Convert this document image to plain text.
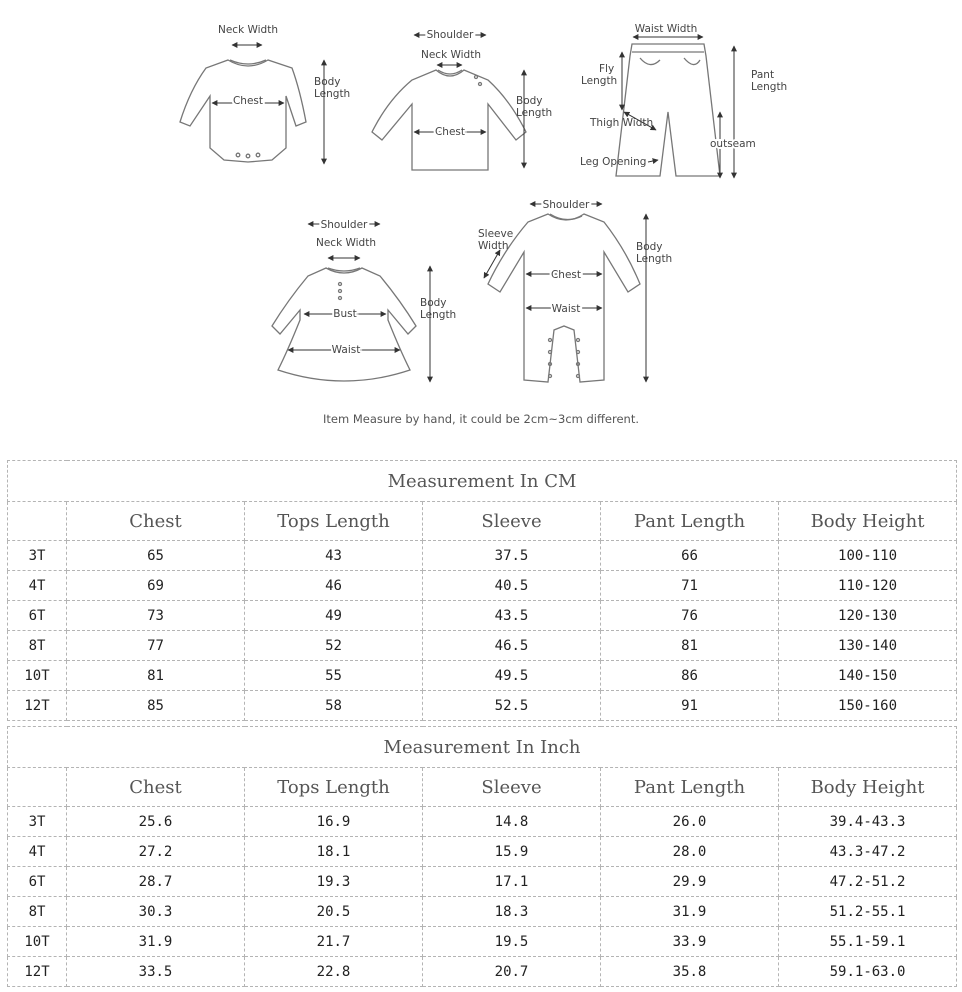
Neck Width
Chest
Body
Length
Shoulder
Neck Width
Chest
Body
Length
Waist Width
Fly
Length	Pant
Length
Thigh Width
outseam
Leg Opening
Shoulder
Neck Width
Bust
Waist
Body
Length
Shoulder
Sleeve
Width
Chest
Waist
Body
Length
Item Measure by hand, it could be 2cm~3cm different.
Measurement In CM					
	Chest	Tops Length	Sleeve	Pant Length	Body Height
3T	65	43	37.5	66	100-110
4T	69	46	40.5	71	110-120
6T	73	49	43.5	76	120-130
8T	77	52	46.5	81	130-140
10T	81	55	49.5	86	140-150
12T	85	58	52.5	91	150-160
Measurement In Inch					
	Chest	Tops Length	Sleeve	Pant Length	Body Height
3T	25.6	16.9	14.8	26.0	39.4-43.3
4T	27.2	18.1	15.9	28.0	43.3-47.2
6T	28.7	19.3	17.1	29.9	47.2-51.2
8T	30.3	20.5	18.3	31.9	51.2-55.1
10T	31.9	21.7	19.5	33.9	55.1-59.1
12T	33.5	22.8	20.7	35.8	59.1-63.0
